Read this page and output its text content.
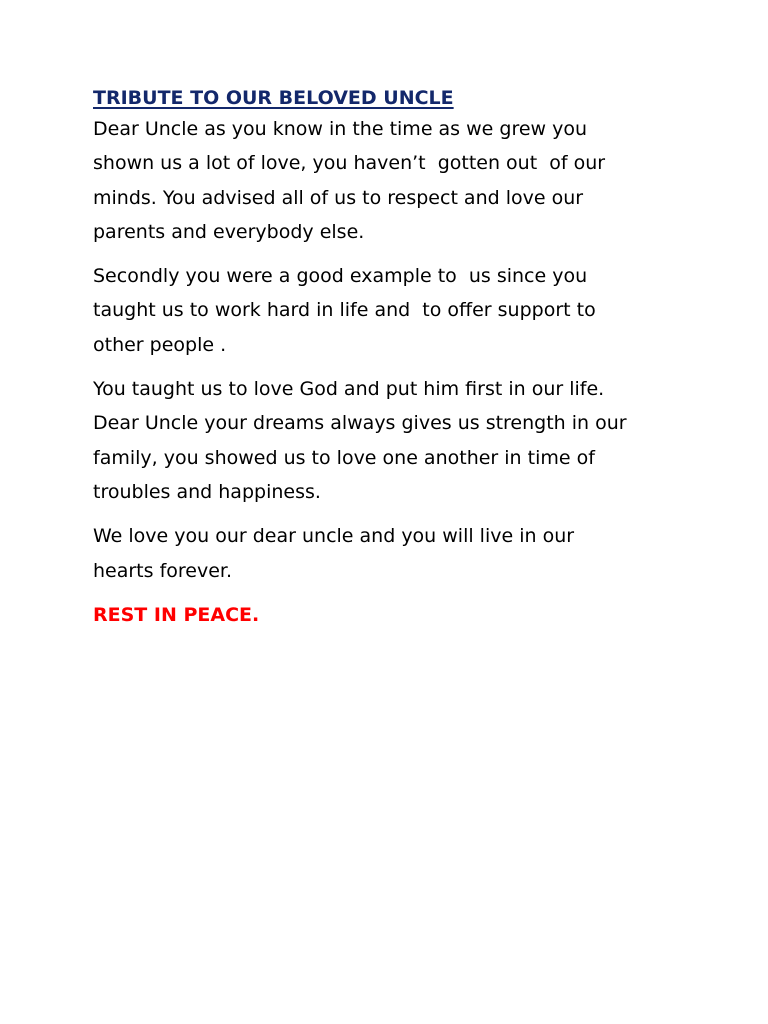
TRIBUTE TO OUR BELOVED UNCLE

Dear Uncle as you know in the time as we grew you
shown us a lot of love, you haven’t  gotten out  of our
minds. You advised all of us to respect and love our
parents and everybody else.

Secondly you were a good example to  us since you
taught us to work hard in life and  to offer support to
other people .

You taught us to love God and put him first in our life.
Dear Uncle your dreams always gives us strength in our
family, you showed us to love one another in time of
troubles and happiness.

We love you our dear uncle and you will live in our
hearts forever.

REST IN PEACE.
